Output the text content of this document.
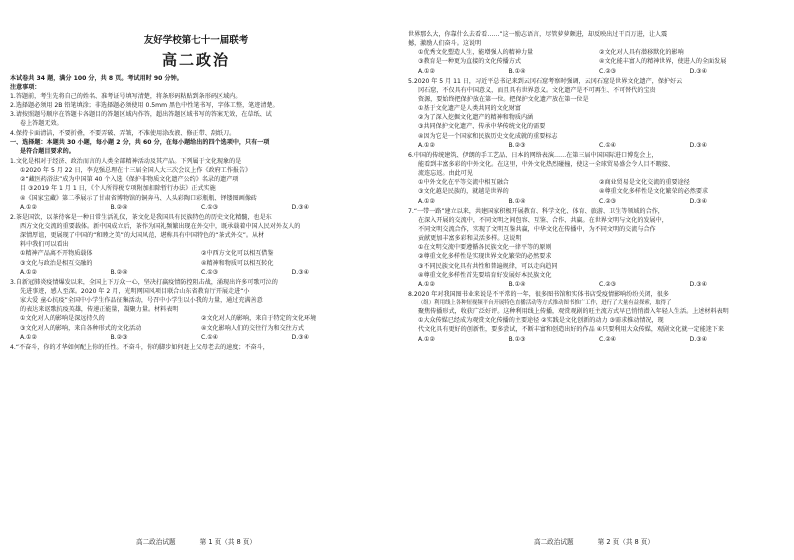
友好学校第七十一届联考
高二政治

本试卷共 34 题，满分 100 分，共 8 页。考试用时 90 分钟。

注意事项：

1.答题前，考生先将自己的姓名、准考证号填写清楚，将条形码粘贴到条形码区域内。

2.选择题必须用 2B 铅笔填涂；非选择题必须使用 0.5mm 黑色中性笔书写，字体工整，笔迹清楚。

3.请按照题号顺序在答题卡各题目的答题区域内作答，超出答题区域书写的答案无效，在草纸、试

卷上答题无效。

4.保持卡面清洁，不要折叠，不要弄破、弄皱，不准使用涂改液、修正带、刮纸刀。

一、选择题：本题共 30 小题，每小题 2 分，共 60 分，在每小题给出的四个选项中，只有一项

是符合题目要求的。

1.文化是相对于经济、政治而言的人类全部精神活动及其产品。下列属于文化现象的是

①2020 年 5 月 22 日，李克强总理在十三届全国人大三次会议上作《政府工作报告》

②“藏医药浴法”成为中国第 40 个入选《保护非物质文化遗产公约》名录的遗产项

目 ③2019 年 1 月 1 日，《个人所得税专项附加扣除暂行办法》正式实施

④《国家宝藏》第二季展示了甘肃省博物馆的铜奔马、人头彩陶口彩瓶瓶、铎镂图画像砖

A.①②	B.②④	C.①③	D.③④

2.茶是国饮，以茶待客是一种日常生活礼仪，茶文化是我国具有民族特色的历史文化精髓，也是东

西方文化交流的重要载体。新中国成立后，茶作为国礼频繁出现在外交中，既承载着中国人民对外友人的

深情厚谊，更展现了中国的“和睦之美”的大国风范，堪称具有中国特色的“茶式外交”。从材

料中我们可以看出

①精神产品离不开物质载体	②中西方文化可以相互借鉴
③文化与政治是相互交融的	④精神和物质可以相互转化
A.①②	B.②④	C.①③	D.③④

3.自新冠肺炎疫情爆发以来，全国上下万众一心，坚决打赢疫情防控阻击战，涌现出许多可歌可泣的

先进事迹，感人至深。2020 年 2 月，光明网国风项目联合山东省教育厅开展走进“小

家大爱 童心抗疫”全国中小学生作品征集活动，号召中小学生以小我的力量，通过充满善意

的表达来讴歌抗疫英雄，传递正能量，凝聚力量。材料表明

①文化对人的影响是深远持久的	②文化对人的影响，来自于特定的文化环境
③文化对人的影响，来自各种形式的文化活动	④文化影响人们的交往行为和交往方式
A.①②	B.②③	C.①④	D.③④

4.“不奋斗，你的才华如何配上你的任性。不奋斗，你的脚步如何赶上父母老去的速度；不奋斗，

高二政治试题	第 1 页（共 8 页）

世界那么大，你靠什么去看看……”这一励志语言，尽管萝萝颇进，却反映出过干百万进，让人震

撼，激励人们奋斗。这说明

①优秀文化塑造人生，能增强人的精神力量	②文化对人具有潜移默化的影响
③教育是一种更为直接的文化传播方式	④文化能丰富人的精神世界，使进人的全面发展
A.①②	B.①④	C.②③	D.③④

5.2020 年 5 月 11 日，习近平总书记来到云冈石窟考察时强调，云冈石窟是世界文化遗产，保护好云

冈石窟，不仅具有中国意义，而且具有世界意义。文化遗产是不可再生、不可替代的宝贵

资源，要始终把保护放在第一位。把保护文化遗产放在第一位是

①基于文化遗产是人类共同的文化财富

②为了深入挖掘文化遗产的精神和物质内涵

③共同保护文化遗产、传承中华传统文化的需要

④因为它是一个国家和民族历史文化成就的重要标志

A.①②	B.②③	C.①④	D.③④

6.中国的传统建筑、伊朗的手工艺品、日本的网络表演……在第三届中国国际进口博览会上，

能看到丰富多彩的中外文化。在这里，中外文化热烈碰撞，使这一全球贸易盛会令人目不暇接、

流连忘返。由此可见

①中外文化在平等交流中相互融合	②商业贸易是文化交流的重要途径
③文化越是民族的，就越是世界的	④尊重文化多样性是文化繁荣的必然要求
A.①②	B.①④	C.②③	D.③④

7.“一带一路”建立以来，共建国家积极开展教育、科学文化、体育、旅游、卫生等领域的合作，

在深入开展的交流中，不同文明之间包容、互鉴、合作、共赢。在世界文明与文化的发展中，

不同文明交流合作，实现了文明互鉴共赢，中华文化在传播中，为不同文明的交流与合作

贡献更加丰富多彩和灵活多样。这说明

①在文明交流中要遵循各民族文化一律平等的原则

②尊重文化多样性是实现世界文化繁荣的必然要求

③不同民族文化具有共性和普遍规律，可以走向趋同

④尊重文化多样性首先要培育好发展好本民族文化

A.①②	B.①④	C.②③	D.③④

8.2020 年对我国图书业来说是不平常的一年，很多图书馆和实体书店受疫情影响纷纷关闭，很多

（组）利用线上各种短视频平台开展特色直播活动等方式推动图书推广工作，进行了大量有益探索，取得了

聚焦传播形式，收获广泛好评。这种利用线上传播，观赏观剧的旺主流方式早已悄悄潜入年轻人生活。上述材料表明

①大众传媒已经成为观赏文化传播的主要途径 ②实践是文化创新的动力 ③需求推动情况，现

代文化具有更好的创新性，要多尝试，不断丰富和创造出好的作品 ④只要利用大众传媒，观剧文化就一定能迷下来

A.①②	B.①③	C.②④	D.③④
高二政治试题	第 2 页（共 8 页）
